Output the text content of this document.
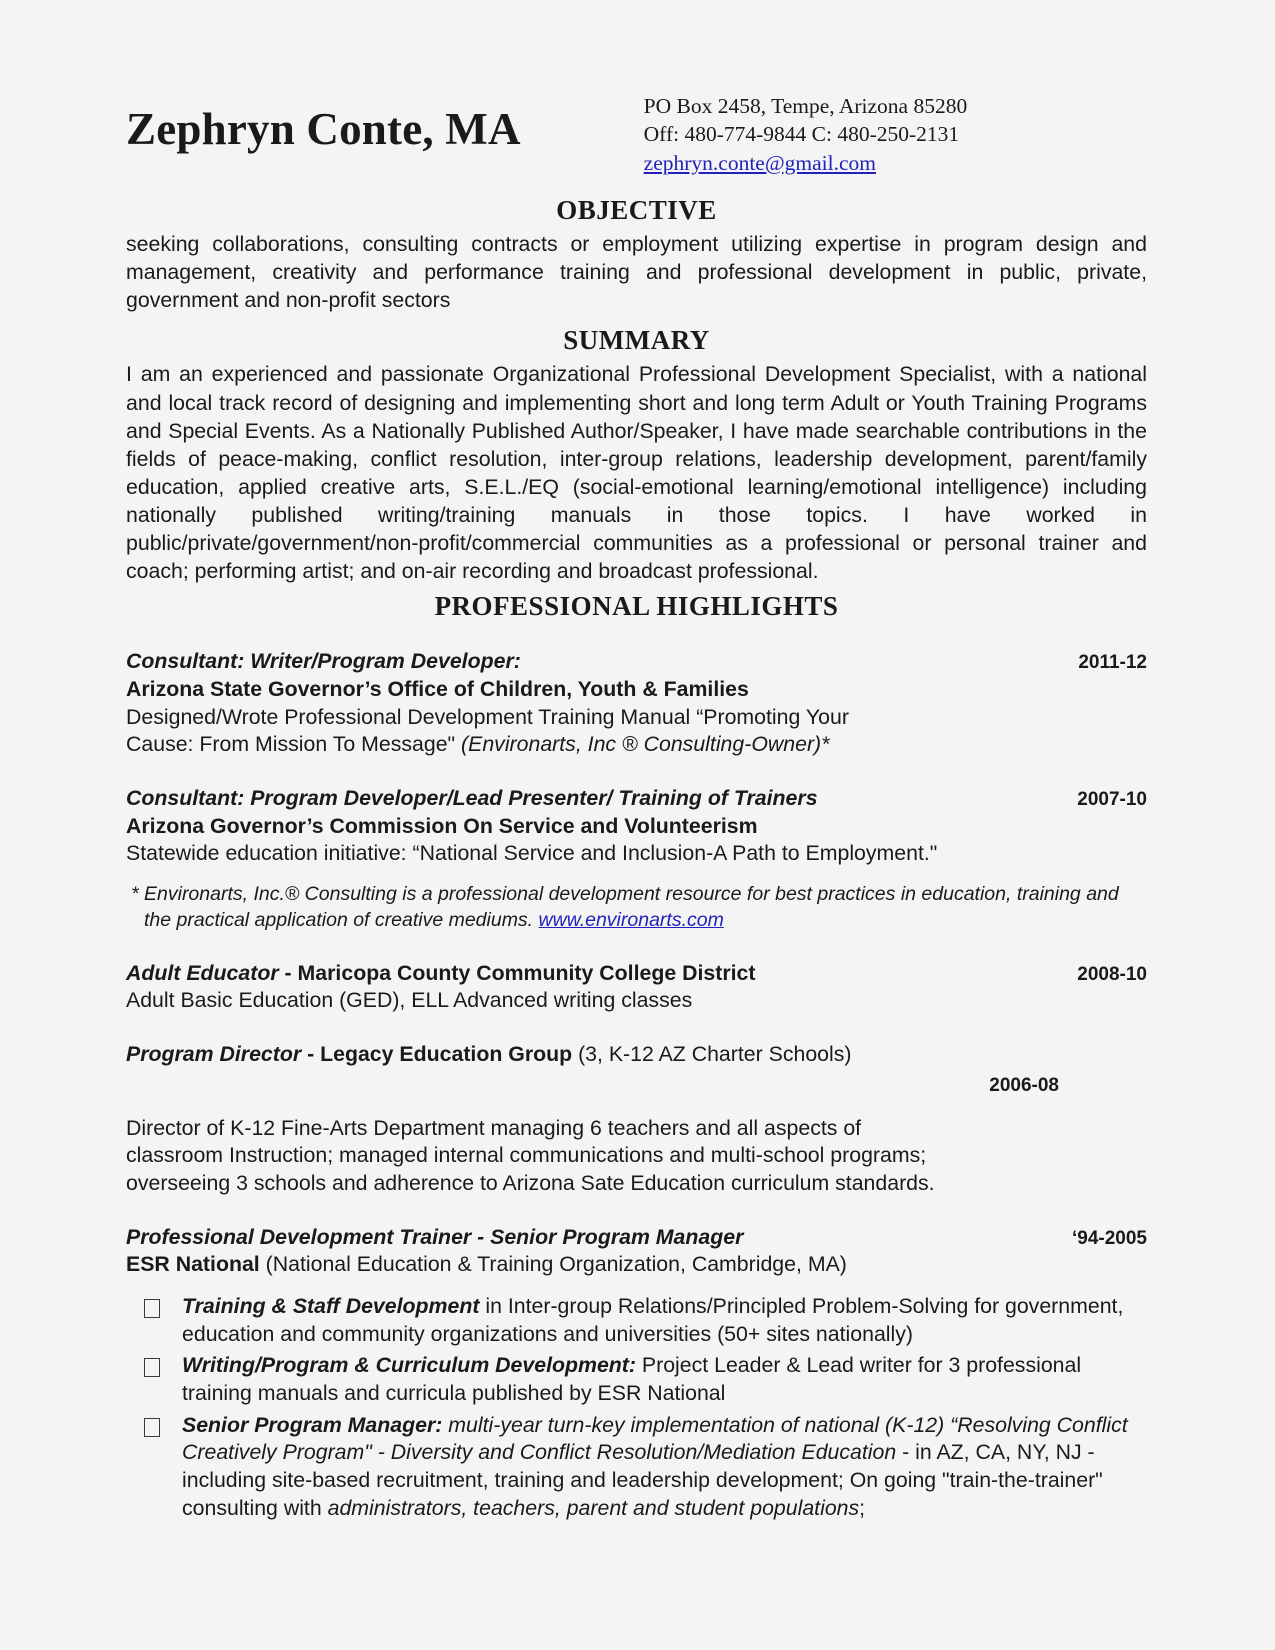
Zephryn Conte, MA	PO Box 2458, Tempe, Arizona 85280
Off: 480-774-9844 C: 480-250-2131
zephryn.conte@gmail.com
OBJECTIVE
seeking collaborations, consulting contracts or employment utilizing expertise in program design and management, creativity and performance training and professional development in public, private, government and non-profit sectors
SUMMARY
I am an experienced and passionate Organizational Professional Development Specialist, with a national and local track record of designing and implementing short and long term Adult or Youth Training Programs and Special Events. As a Nationally Published Author/Speaker, I have made searchable contributions in the fields of peace-making, conflict resolution, inter-group relations, leadership development, parent/family education, applied creative arts, S.E.L./EQ (social-emotional learning/emotional intelligence) including nationally published writing/training manuals in those topics. I have worked in public/private/government/non-profit/commercial communities as a professional or personal trainer and coach; performing artist; and on-air recording and broadcast professional.
PROFESSIONAL HIGHLIGHTS
Consultant: Writer/Program Developer:	2011-12
Arizona State Governor’s Office of Children, Youth & Families
Designed/Wrote Professional Development Training Manual “Promoting Your
Cause: From Mission To Message" (Environarts, Inc ® Consulting-Owner)*
Consultant: Program Developer/Lead Presenter/ Training of Trainers	2007-10
Arizona Governor’s Commission On Service and Volunteerism
Statewide education initiative: “National Service and Inclusion-A Path to Employment."
* Environarts, Inc.® Consulting is a professional development resource for best practices in education, training and the practical application of creative mediums. www.environarts.com
Adult Educator - Maricopa County Community College District	2008-10
Adult Basic Education (GED), ELL Advanced writing classes
Program Director - Legacy Education Group (3, K-12 AZ Charter Schools)
2006-08
Director of K-12 Fine-Arts Department managing 6 teachers and all aspects of
classroom Instruction; managed internal communications and multi-school programs;
overseeing 3 schools and adherence to Arizona Sate Education curriculum standards.
Professional Development Trainer - Senior Program Manager	‘94-2005
ESR National (National Education & Training Organization, Cambridge, MA)
Training & Staff Development in Inter-group Relations/Principled Problem-Solving for government, education and community organizations and universities (50+ sites nationally)
Writing/Program & Curriculum Development: Project Leader & Lead writer for 3 professional training manuals and curricula published by ESR National
Senior Program Manager: multi-year turn-key implementation of national (K-12) “Resolving Conflict Creatively Program" - Diversity and Conflict Resolution/Mediation Education - in AZ, CA, NY, NJ - including site-based recruitment, training and leadership development; On going "train-the-trainer" consulting with administrators, teachers, parent and student populations;
